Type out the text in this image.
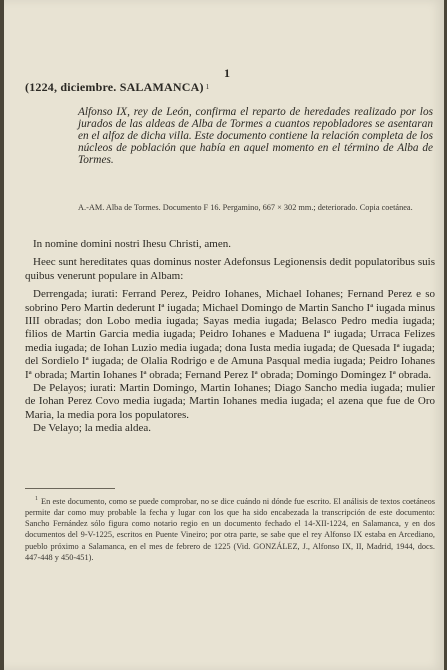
1
(1224, diciembre. SALAMANCA) $^1$
Alfonso IX, rey de León, confirma el reparto de heredades realizado por los jurados de las aldeas de Alba de Tormes a cuantos repobladores se asentaran en el alfoz de dicha villa. Este documento contiene la relación completa de los núcleos de población que había en aquel momento en el término de Alba de Tormes.
A.-AM. Alba de Tormes. Documento F 16. Pergamino, 667 × 302 mm.; deteriorado. Copia coetánea.

In nomine domini nostri Ihesu Christi, amen.

Heec sunt hereditates quas dominus noster Adefonsus Legionensis dedit populatoribus suis quibus venerunt populare in Albam:

Derrengada; iurati: Ferrand Perez, Peidro Iohanes, Michael Iohanes; Fernand Perez e so sobrino Pero Martin dederunt Iª iugada; Michael Domingo de Martin Sancho Iª iugada minus IIII obradas; don Lobo media iugada; Sayas media iugada; Belasco Pedro media iugada; filios de Martin Garcia media iugada; Peidro Iohanes e Maduena Iª iugada; Urraca Felizes media iugada; de Iohan Luzio media iugada; dona Iusta media iugada; de Quesada Iª iugada; del Sordielo Iª iugada; de Olalia Rodrigo e de Amuna Pasqual media iugada; Peidro Iohanes Iª obrada; Martin Iohanes Iª obrada; Fernand Perez Iª obrada; Domingo Domingez Iª obrada.

De Pelayos; iurati: Martin Domingo, Martin Iohanes; Diago Sancho media iugada; mulier de Iohan Perez Covo media iugada; Martin Iohanes media iugada; el azena que fue de Oro Maria, la media pora los populatores.

De Velayo; la media aldea.

$^1$ En este documento, como se puede comprobar, no se dice cuándo ni dónde fue escrito. El análisis de textos coetáneos permite dar como muy probable la fecha y lugar con los que ha sido encabezada la transcripción de este documento: Sancho Fernández sólo figura como notario regio en un documento fechado el 14-XII-1224, en Salamanca, y en dos documentos del 9-V-1225, escritos en Puente Vineiro; por otra parte, se sabe que el rey Alfonso IX estaba en Arcediano, pueblo próximo a Salamanca, en el mes de febrero de 1225 (Vid. GONZÁLEZ, J., Alfonso IX, II, Madrid, 1944, docs. 447-448 y 450-451).
